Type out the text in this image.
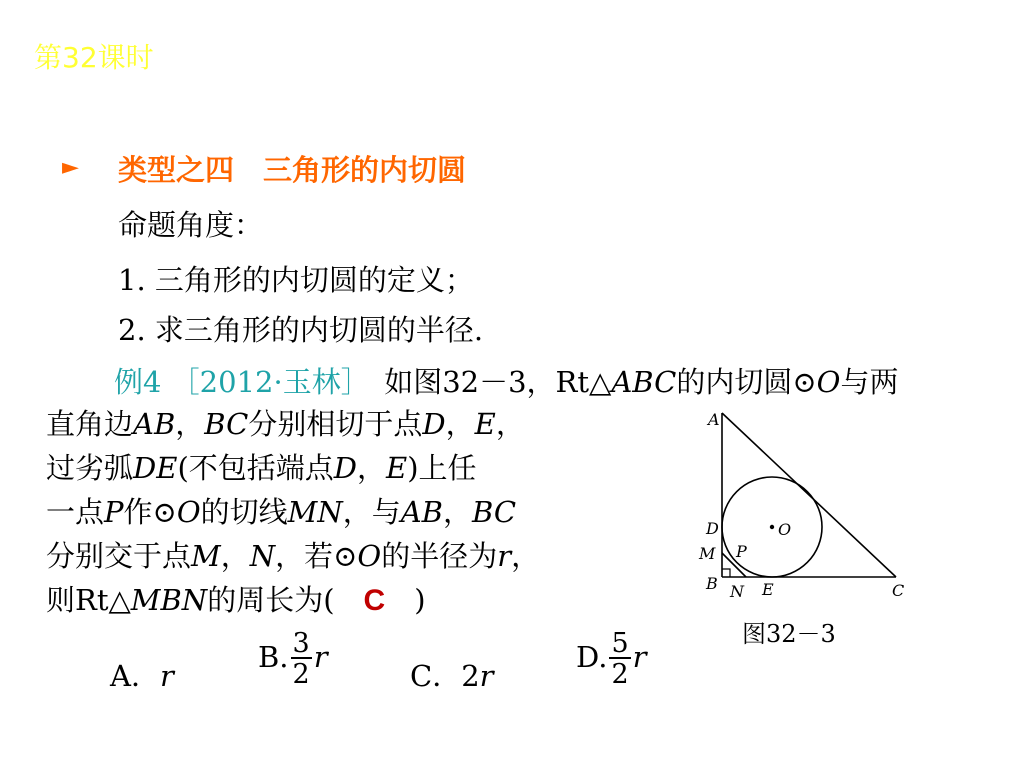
第32课时
► 类型之四　三角形的内切圆
命题角度：
1. 三角形的内切圆的定义；
2. 求三角形的内切圆的半径.
例4 ［2012·玉林］　如图32－3，Rt△ABC的内切圆⊙O与两
直角边AB，BC分别相切于点D，E，
过劣弧DE(不包括端点D，E)上任
一点P作⊙O的切线MN，与AB，BC
分别交于点M，N，若⊙O的半径为r，
则Rt△MBN的周长为(　C　)
A
D
M P
B N E	C
O
图32－3
A．r
B. $\frac{3}{2}$ r
C．2r
D. $\frac{5}{2}$ r
